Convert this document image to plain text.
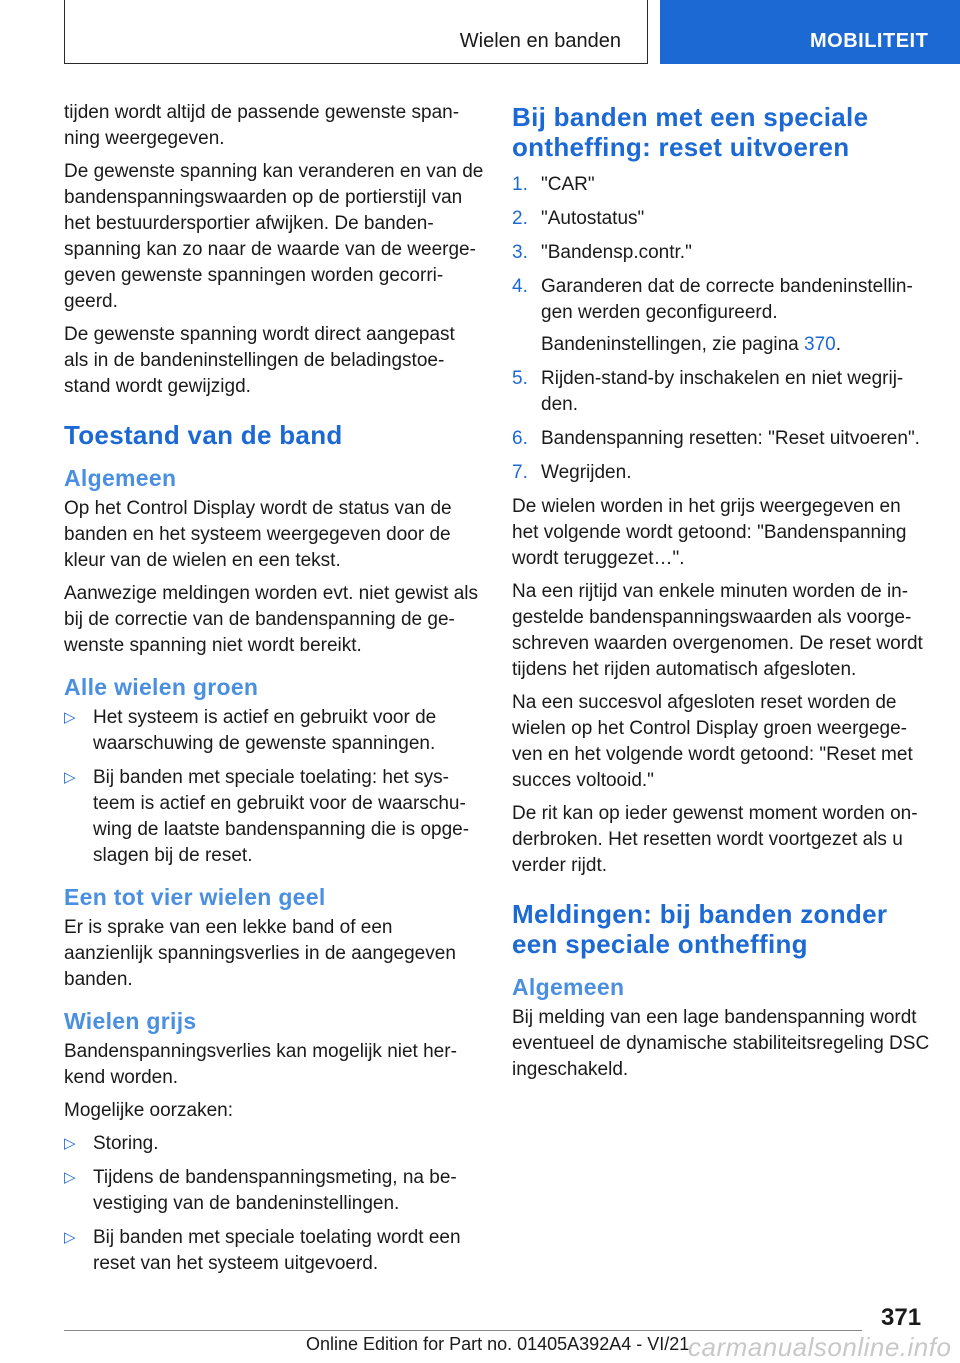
Wielen en banden	MOBILITEIT

tijden wordt altijd de passende gewenste span- ning weergegeven.

De gewenste spanning kan veranderen en van de bandenspanningswaarden op de portierstijl van het bestuurdersportier afwijken. De banden- spanning kan zo naar de waarde van de weerge- geven gewenste spanningen worden gecorri- geerd.

De gewenste spanning wordt direct aangepast als in de bandeninstellingen de beladingstoe- stand wordt gewijzigd.

Toestand van de band
Algemeen

Op het Control Display wordt de status van de banden en het systeem weergegeven door de kleur van de wielen en een tekst.

Aanwezige meldingen worden evt. niet gewist als bij de correctie van de bandenspanning de ge- wenste spanning niet wordt bereikt.

Alle wielen groen
▷ Het systeem is actief en gebruikt voor de waarschuwing de gewenste spanningen.
▷ Bij banden met speciale toelating: het sys- teem is actief en gebruikt voor de waarschu- wing de laatste bandenspanning die is opge- slagen bij de reset.
Een tot vier wielen geel

Er is sprake van een lekke band of een aanzienlijk spanningsverlies in de aangegeven banden.

Wielen grijs

Bandenspanningsverlies kan mogelijk niet her- kend worden.

Mogelijke oorzaken:

▷ Storing.
▷ Tijdens de bandenspanningsmeting, na be- vestiging van de bandeninstellingen.
▷ Bij banden met speciale toelating wordt een reset van het systeem uitgevoerd.
Bij banden met een speciale ontheffing: reset uitvoeren
1. "CAR"
2. "Autostatus"
3. "Bandensp.contr."
4. Garanderen dat de correcte bandeninstellin- gen werden geconfigureerd.
Bandeninstellingen, zie pagina 370.
5. Rijden-stand-by inschakelen en niet wegrij- den.
6. Bandenspanning resetten: "Reset uitvoeren".
7. Wegrijden.

De wielen worden in het grijs weergegeven en het volgende wordt getoond: "Bandenspanning wordt teruggezet…".

Na een rijtijd van enkele minuten worden de in- gestelde bandenspanningswaarden als voorge- schreven waarden overgenomen. De reset wordt tijdens het rijden automatisch afgesloten.

Na een succesvol afgesloten reset worden de wielen op het Control Display groen weergege- ven en het volgende wordt getoond: "Reset met succes voltooid."

De rit kan op ieder gewenst moment worden on- derbroken. Het resetten wordt voortgezet als u verder rijdt.

Meldingen: bij banden zonder een speciale ontheffing
Algemeen

Bij melding van een lage bandenspanning wordt eventueel de dynamische stabiliteitsregeling DSC ingeschakeld.

371
Online Edition for Part no. 01405A392A4 - VI/21
carmanualsonline.info
